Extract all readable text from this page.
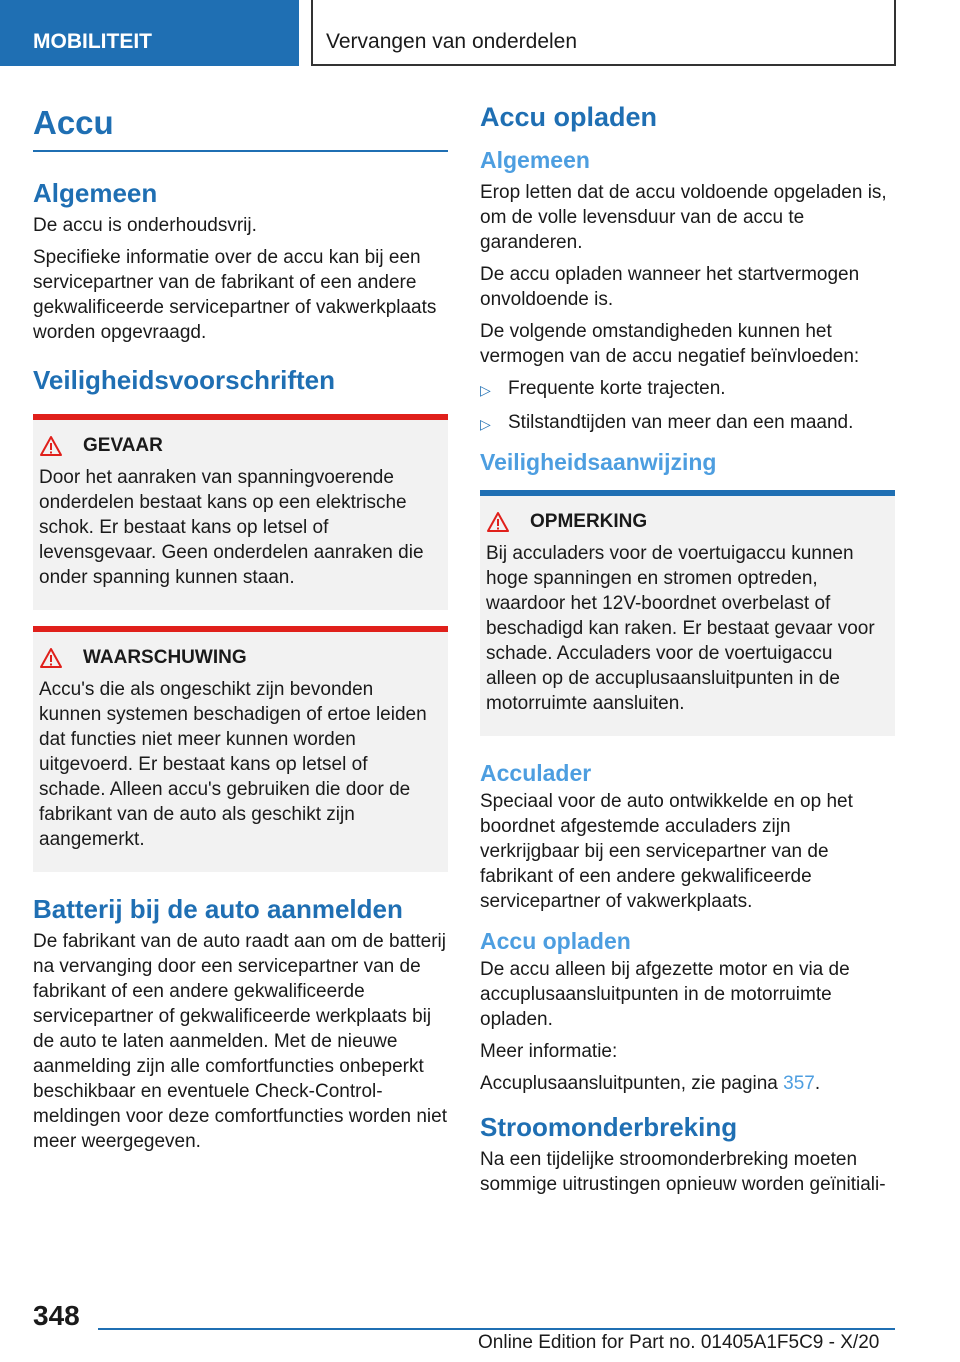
MOBILITEIT	Vervangen van onderdelen
Accu
Algemeen

De accu is onderhoudsvrij.

Specifieke informatie over de accu kan bij een servicepartner van de fabrikant of een andere gekwalificeerde servicepartner of vakwerkplaats worden opgevraagd.

Veiligheidsvoorschriften
GEVAAR

Door het aanraken van spanningvoerende onderdelen bestaat kans op een elektrische schok. Er bestaat kans op letsel of levensgevaar. Geen onderdelen aanraken die onder spanning kunnen staan.

WAARSCHUWING

Accu's die als ongeschikt zijn bevonden kunnen systemen beschadigen of ertoe leiden dat functies niet meer kunnen worden uitgevoerd. Er bestaat kans op letsel of schade. Alleen accu's gebruiken die door de fabrikant van de auto als geschikt zijn aangemerkt.

Batterij bij de auto aanmelden

De fabrikant van de auto raadt aan om de batterij na vervanging door een servicepartner van de fabrikant of een andere gekwalificeerde servicepartner of gekwalificeerde werkplaats bij de auto te laten aanmelden. Met de nieuwe aanmelding zijn alle comfortfuncties onbeperkt beschikbaar en eventuele Check-Control-meldingen voor deze comfortfuncties worden niet meer weergegeven.

Accu opladen
Algemeen

Erop letten dat de accu voldoende opgeladen is, om de volle levensduur van de accu te garanderen.

De accu opladen wanneer het startvermogen onvoldoende is.

De volgende omstandigheden kunnen het vermogen van de accu negatief beïnvloeden:

▷ Frequente korte trajecten.
▷ Stilstandtijden van meer dan een maand.
Veiligheidsaanwijzing
OPMERKING

Bij acculaders voor de voertuigaccu kunnen hoge spanningen en stromen optreden, waardoor het 12V-boordnet overbelast of beschadigd kan raken. Er bestaat gevaar voor schade. Acculaders voor de voertuigaccu alleen op de accuplusaansluitpunten in de motorruimte aansluiten.

Acculader

Speciaal voor de auto ontwikkelde en op het boordnet afgestemde acculaders zijn verkrijgbaar bij een servicepartner van de fabrikant of een andere gekwalificeerde servicepartner of vakwerkplaats.

Accu opladen

De accu alleen bij afgezette motor en via de accuplusaansluitpunten in de motorruimte opladen.

Meer informatie:

Accuplusaansluitpunten, zie pagina 357.

Stroomonderbreking

Na een tijdelijke stroomonderbreking moeten sommige uitrustingen opnieuw worden geïnitiali-

348
Online Edition for Part no. 01405A1F5C9 - X/20
